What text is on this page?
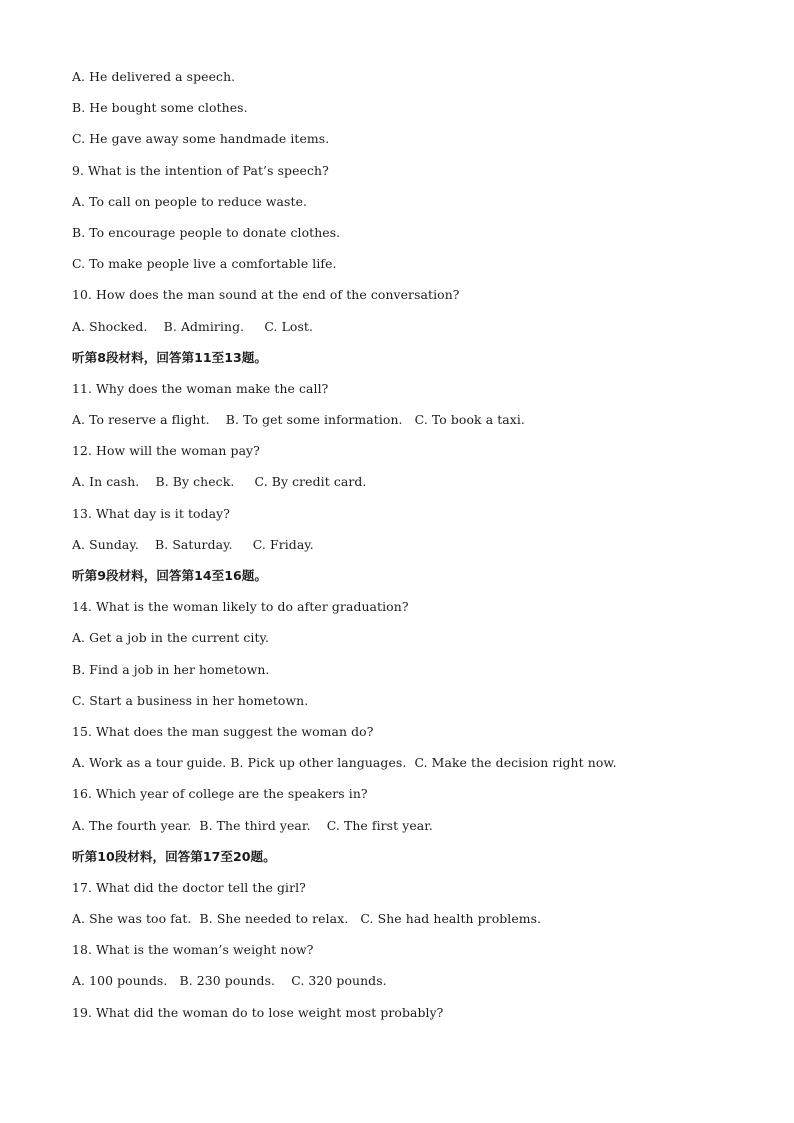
A. He delivered a speech.
B. He bought some clothes.
C. He gave away some handmade items.
9. What is the intention of Pat’s speech?
A. To call on people to reduce waste.
B. To encourage people to donate clothes.
C. To make people live a comfortable life.
10. How does the man sound at the end of the conversation?
A. Shocked.    B. Admiring.     C. Lost.
听第8段材料，回答第11至13题。
11. Why does the woman make the call?
A. To reserve a flight.    B. To get some information.   C. To book a taxi.
12. How will the woman pay?
A. In cash.    B. By check.     C. By credit card.
13. What day is it today?
A. Sunday.    B. Saturday.     C. Friday.
听第9段材料，回答第14至16题。
14. What is the woman likely to do after graduation?
A. Get a job in the current city.
B. Find a job in her hometown.
C. Start a business in her hometown.
15. What does the man suggest the woman do?
A. Work as a tour guide. B. Pick up other languages.  C. Make the decision right now.
16. Which year of college are the speakers in?
A. The fourth year.  B. The third year.    C. The first year.
听第10段材料，回答第17至20题。
17. What did the doctor tell the girl?
A. She was too fat.  B. She needed to relax.   C. She had health problems.
18. What is the woman’s weight now?
A. 100 pounds.   B. 230 pounds.    C. 320 pounds.
19. What did the woman do to lose weight most probably?
